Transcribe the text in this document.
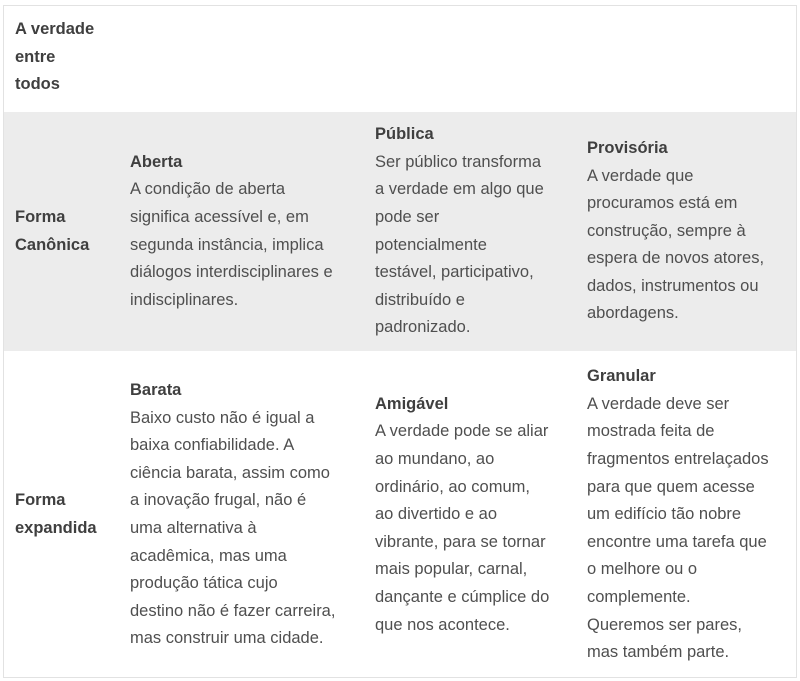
A verdade
entre
todos
Forma
Canônica
Aberta
A condição de aberta
significa acessível e, em
segunda instância, implica
diálogos interdisciplinares e
indisciplinares.
Pública
Ser público transforma
a verdade em algo que
pode ser
potencialmente
testável, participativo,
distribuído e
padronizado.
Provisória
A verdade que
procuramos está em
construção, sempre à
espera de novos atores,
dados, instrumentos ou
abordagens.
Forma
expandida
Barata
Baixo custo não é igual a
baixa confiabilidade. A
ciência barata, assim como
a inovação frugal, não é
uma alternativa à
acadêmica, mas uma
produção tática cujo
destino não é fazer carreira,
mas construir uma cidade.
Amigável
A verdade pode se aliar
ao mundano, ao
ordinário, ao comum,
ao divertido e ao
vibrante, para se tornar
mais popular, carnal,
dançante e cúmplice do
que nos acontece.
Granular
A verdade deve ser
mostrada feita de
fragmentos entrelaçados
para que quem acesse
um edifício tão nobre
encontre uma tarefa que
o melhore ou o
complemente.
Queremos ser pares,
mas também parte.
